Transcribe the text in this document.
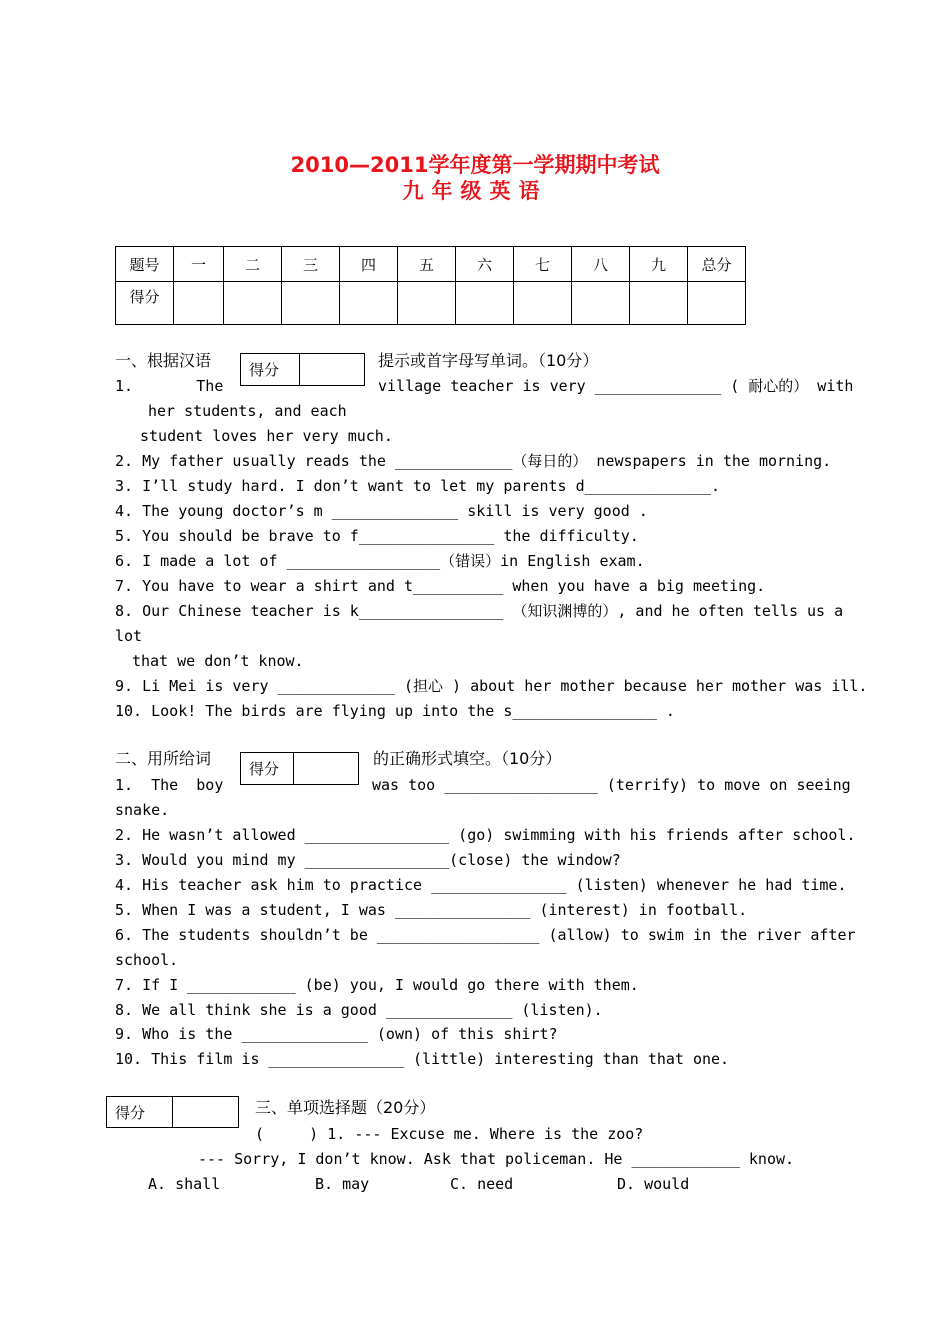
2010—2011学年度第一学期期中考试
九年级英语
题号	一	二	三	四	五	六	七	八	九	总分
得分										
一、根据汉语	得分	提示或首字母写单词。（10分）
1.       The	village teacher is very ______________ ( 耐心的） with
her students, and each
student loves her very much.
2. My father usually reads the _____________（每日的） newspapers in the morning.
3. I’ll study hard. I don’t want to let my parents d______________.
4. The young doctor’s m ______________ skill is very good .
5. You should be brave to f_______________ the difficulty.
6. I made a lot of _________________（错误）in English exam.
7. You have to wear a shirt and t__________ when you have a big meeting.
8. Our Chinese teacher is k________________ （知识渊博的）, and he often tells us a
lot
that we don’t know.
9. Li Mei is very _____________ (担心 ) about her mother because her mother was ill.
10. Look! The birds are flying up into the s________________ .
二、用所给词
得分
的正确形式填空。（10分）
1.  The  boy	was too _________________ (terrify) to move on seeing
snake.
2. He wasn’t allowed ________________ (go) swimming with his friends after school.
3. Would you mind my ________________(close) the window?
4. His teacher ask him to practice _______________ (listen) whenever he had time.
5. When I was a student, I was _______________ (interest) in football.
6. The students shouldn’t be __________________ (allow) to swim in the river after
school.
7. If I ____________ (be) you, I would go there with them.
8. We all think she is a good ______________ (listen).
9. Who is the ______________ (own) of this shirt?
10. This film is _______________ (little) interesting than that one.
得分	三、单项选择题（20分）
(     ) 1. --- Excuse me. Where is the zoo?
--- Sorry, I don’t know. Ask that policeman. He ____________ know.
A. shall	B. may	C. need	D. would
